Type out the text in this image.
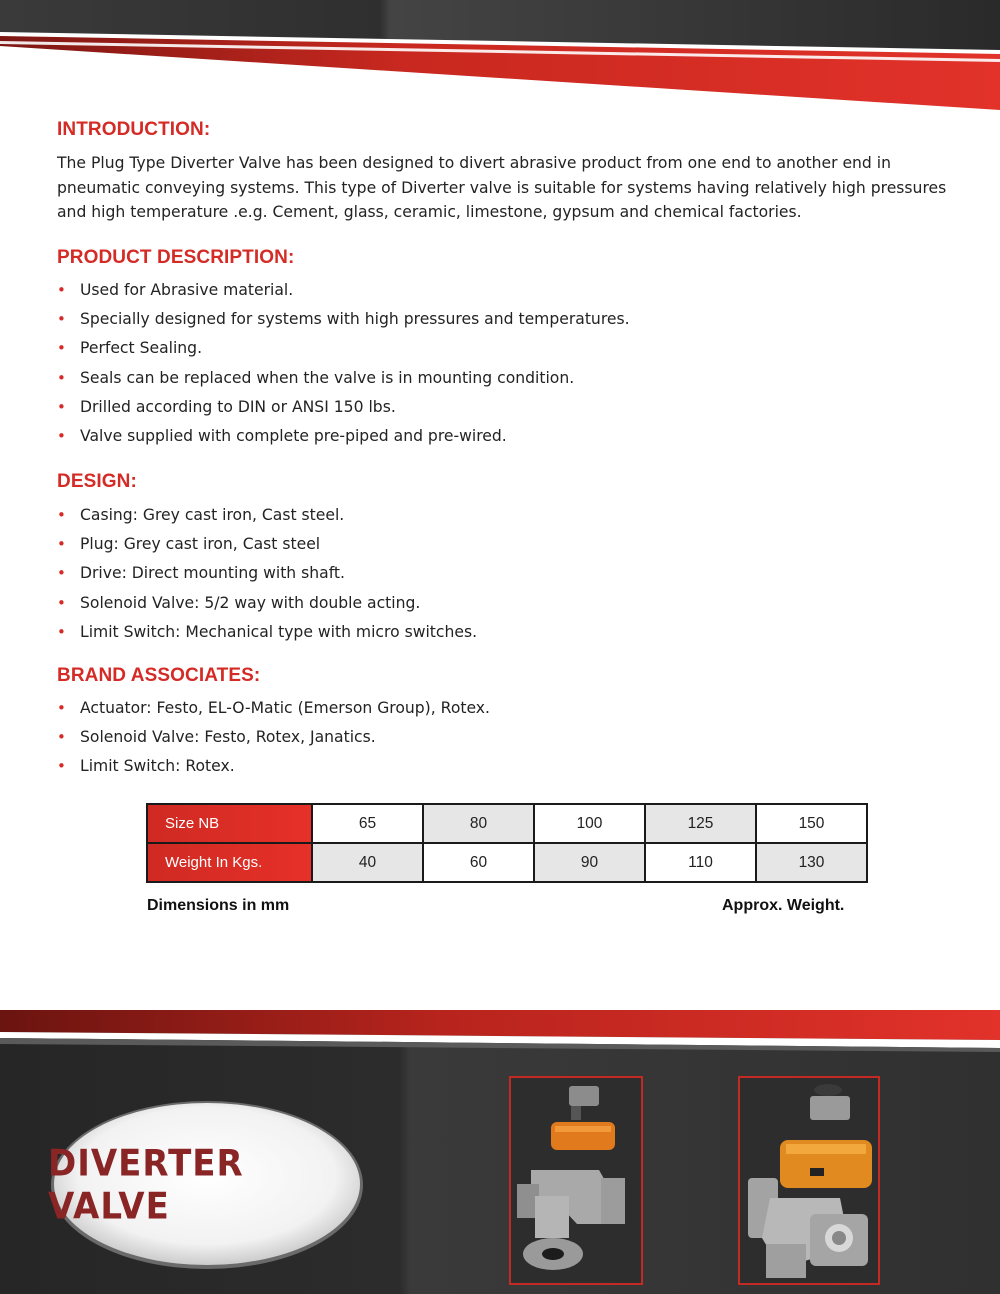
INTRODUCTION:

The Plug Type Diverter Valve has been designed to divert abrasive product from one end to another end in pneumatic conveying systems. This type of Diverter valve is suitable for systems having relatively high pressures and high temperature .e.g. Cement, glass, ceramic, limestone, gypsum and chemical factories.

PRODUCT DESCRIPTION:
• Used for Abrasive material.
• Specially designed for systems with high pressures and temperatures.
• Perfect Sealing.
• Seals can be replaced when the valve is in mounting condition.
• Drilled according to DIN or ANSI 150 lbs.
• Valve supplied with complete pre-piped and pre-wired.
DESIGN:
• Casing: Grey cast iron, Cast steel.
• Plug: Grey cast iron, Cast steel
• Drive: Direct mounting with shaft.
• Solenoid Valve: 5/2 way with double acting.
• Limit Switch: Mechanical type with micro switches.
BRAND ASSOCIATES:
• Actuator: Festo, EL-O-Matic (Emerson Group), Rotex.
• Solenoid Valve: Festo, Rotex, Janatics.
• Limit Switch: Rotex.
Size NB	65	80	100	125	150
Weight In Kgs.	40	60	90	110	130

Dimensions in mm	Approx. Weight.

DIVERTER VALVE
